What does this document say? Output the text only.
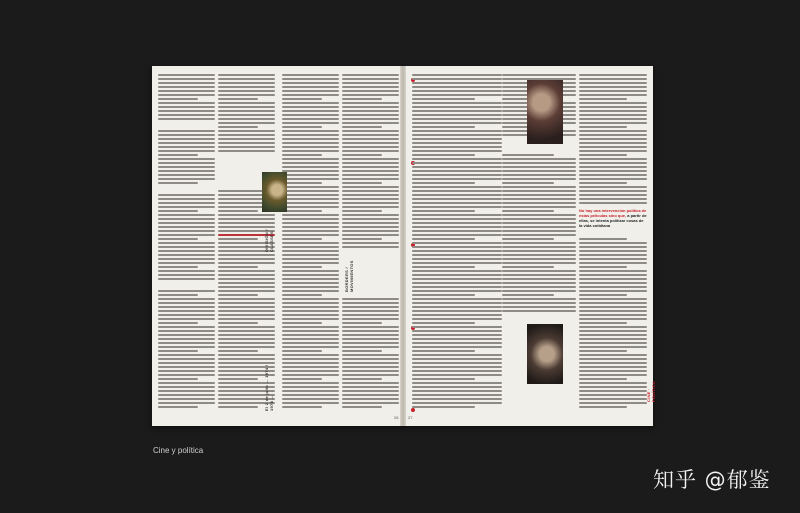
DIVISIÓN / CLASSES
BORDERS / MOVIMIENTOS
El 2 de julio ... 1974 / 1978 ...
26
No hay una intervención política de estas películas sino que, a partir de ellas, se intenta politizar cosas de la vida cotidiana
CINE · POLÍTICA
27
Cine y política
知乎 @郁鉴
